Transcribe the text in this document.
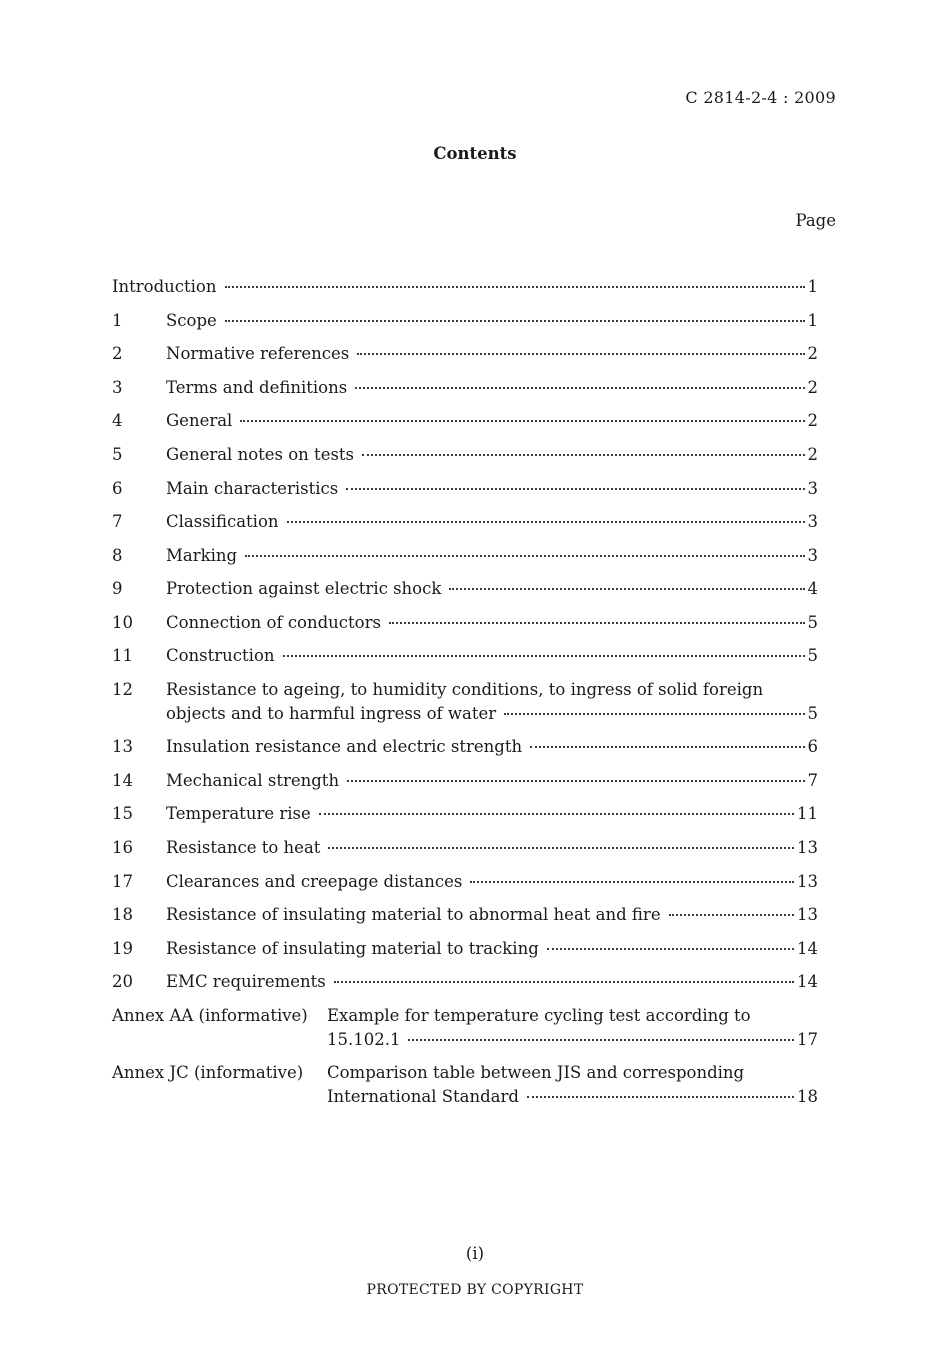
C 2814-2-4 : 2009
Contents
Page
Introduction	1
1	Scope	1
2	Normative references	2
3	Terms and definitions	2
4	General	2
5	General notes on tests	2
6	Main characteristics	3
7	Classification	3
8	Marking	3
9	Protection against electric shock	4
10 Connection of conductors	5
11 Construction	5
12 Resistance to ageing, to humidity conditions, to ingress of solid foreign
objects and to harmful ingress of water	5
13 Insulation resistance and electric strength	6
14 Mechanical strength	7
15 Temperature rise	11
16 Resistance to heat	13
17 Clearances and creepage distances	13
18 Resistance of insulating material to abnormal heat and fire	13
19 Resistance of insulating material to tracking	14
20 EMC requirements	14
Annex AA (informative) Example for temperature cycling test according to
15.102.1	17
Annex JC (informative) Comparison table between JIS and corresponding
International Standard	18
(i)
PROTECTED BY COPYRIGHT
